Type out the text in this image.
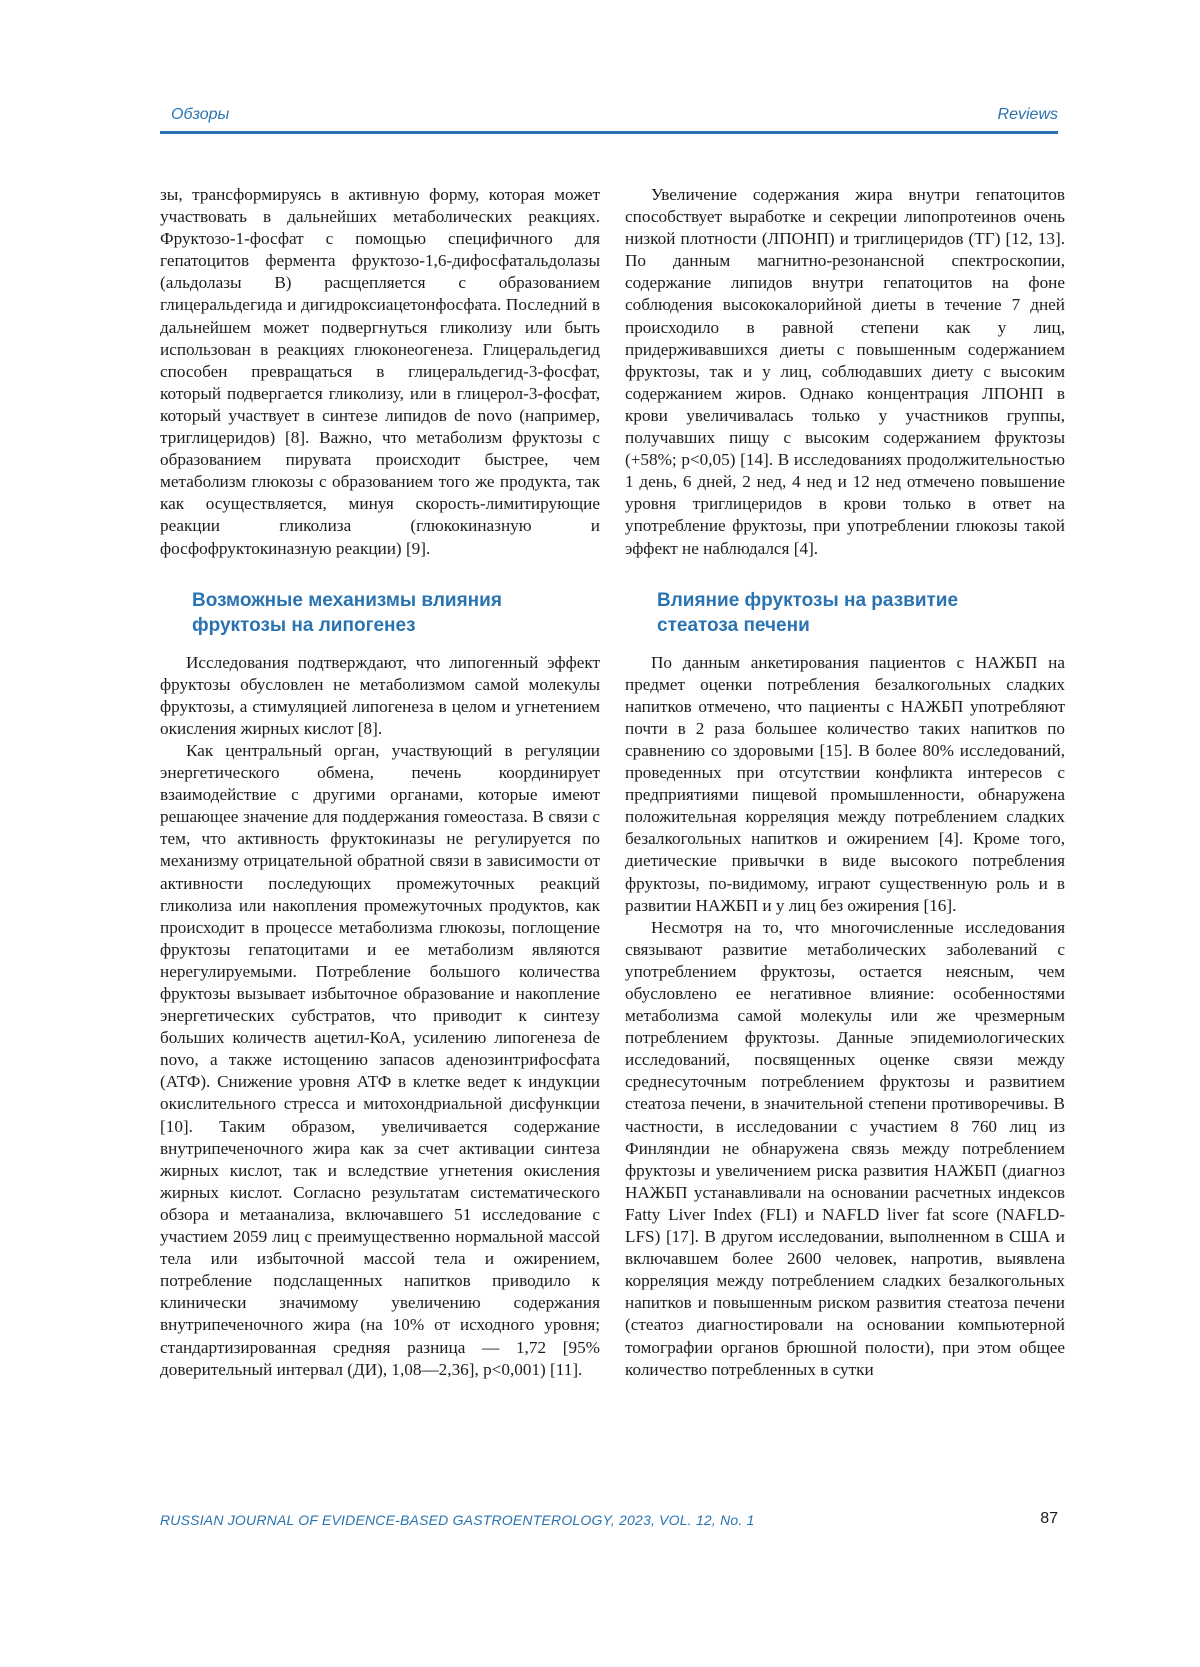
Обзоры	Reviews

зы, трансформируясь в активную форму, которая может участвовать в дальнейших метаболических реакциях. Фруктозо-1-фосфат с помощью специфичного для гепатоцитов фермента фруктозо-1,6-дифосфатальдолазы (альдолазы В) расщепляется с образованием глицеральдегида и дигидроксиацетонфосфата. Последний в дальнейшем может подвергнуться гликолизу или быть использован в реакциях глюконеогенеза. Глицеральдегид способен превращаться в глицеральдегид-3-фосфат, который подвергается гликолизу, или в глицерол-3-фосфат, который участвует в синтезе липидов de novo (например, триглицеридов) [8]. Важно, что метаболизм фруктозы с образованием пирувата происходит быстрее, чем метаболизм глюкозы с образованием того же продукта, так как осуществляется, минуя скорость-лимитирующие реакции гликолиза (глюкокиназную и фосфофруктокиназную реакции) [9].

Возможные механизмы влияния
фруктозы на липогенез

Исследования подтверждают, что липогенный эффект фруктозы обусловлен не метаболизмом самой молекулы фруктозы, а стимуляцией липогенеза в целом и угнетением окисления жирных кислот [8].

Как центральный орган, участвующий в регуляции энергетического обмена, печень координирует взаимодействие с другими органами, которые имеют решающее значение для поддержания гомеостаза. В связи с тем, что активность фруктокиназы не регулируется по механизму отрицательной обратной связи в зависимости от активности последующих промежуточных реакций гликолиза или накопления промежуточных продуктов, как происходит в процессе метаболизма глюкозы, поглощение фруктозы гепатоцитами и ее метаболизм являются нерегулируемыми. Потребление большого количества фруктозы вызывает избыточное образование и накопление энергетических субстратов, что приводит к синтезу больших количеств ацетил-КоА, усилению липогенеза de novo, а также истощению запасов аденозинтрифосфата (АТФ). Снижение уровня АТФ в клетке ведет к индукции окислительного стресса и митохондриальной дисфункции [10]. Таким образом, увеличивается содержание внутрипеченочного жира как за счет активации синтеза жирных кислот, так и вследствие угнетения окисления жирных кислот. Согласно результатам систематического обзора и метаанализа, включавшего 51 исследование с участием 2059 лиц с преимущественно нормальной массой тела или избыточной массой тела и ожирением, потребление подслащенных напитков приводило к клинически значимому увеличению содержания внутрипеченочного жира (на 10% от исходного уровня; стандартизированная средняя разница — 1,72 [95% доверительный интервал (ДИ), 1,08—2,36], p<0,001) [11].

Увеличение содержания жира внутри гепатоцитов способствует выработке и секреции липопротеинов очень низкой плотности (ЛПОНП) и триглицеридов (ТГ) [12, 13]. По данным магнитно-резонансной спектроскопии, содержание липидов внутри гепатоцитов на фоне соблюдения высококалорийной диеты в течение 7 дней происходило в равной степени как у лиц, придерживавшихся диеты с повышенным содержанием фруктозы, так и у лиц, соблюдавших диету с высоким содержанием жиров. Однако концентрация ЛПОНП в крови увеличивалась только у участников группы, получавших пищу с высоким содержанием фруктозы (+58%; p<0,05) [14]. В исследованиях продолжительностью 1 день, 6 дней, 2 нед, 4 нед и 12 нед отмечено повышение уровня триглицеридов в крови только в ответ на употребление фруктозы, при употреблении глюкозы такой эффект не наблюдался [4].

Влияние фруктозы на развитие
стеатоза печени

По данным анкетирования пациентов с НАЖБП на предмет оценки потребления безалкогольных сладких напитков отмечено, что пациенты с НАЖБП употребляют почти в 2 раза большее количество таких напитков по сравнению со здоровыми [15]. В более 80% исследований, проведенных при отсутствии конфликта интересов с предприятиями пищевой промышленности, обнаружена положительная корреляция между потреблением сладких безалкогольных напитков и ожирением [4]. Кроме того, диетические привычки в виде высокого потребления фруктозы, по-видимому, играют существенную роль и в развитии НАЖБП и у лиц без ожирения [16].

Несмотря на то, что многочисленные исследования связывают развитие метаболических заболеваний с употреблением фруктозы, остается неясным, чем обусловлено ее негативное влияние: особенностями метаболизма самой молекулы или же чрезмерным потреблением фруктозы. Данные эпидемиологических исследований, посвященных оценке связи между среднесуточным потреблением фруктозы и развитием стеатоза печени, в значительной степени противоречивы. В частности, в исследовании с участием 8 760 лиц из Финляндии не обнаружена связь между потреблением фруктозы и увеличением риска развития НАЖБП (диагноз НАЖБП устанавливали на основании расчетных индексов Fatty Liver Index (FLI) и NAFLD liver fat score (NAFLD-LFS) [17]. В другом исследовании, выполненном в США и включавшем более 2600 человек, напротив, выявлена корреляция между потреблением сладких безалкогольных напитков и повышенным риском развития стеатоза печени (стеатоз диагностировали на основании компьютерной томографии органов брюшной полости), при этом общее количество потребленных в сутки

RUSSIAN JOURNAL OF EVIDENCE-BASED GASTROENTEROLOGY, 2023, VOL. 12, No. 1	87
